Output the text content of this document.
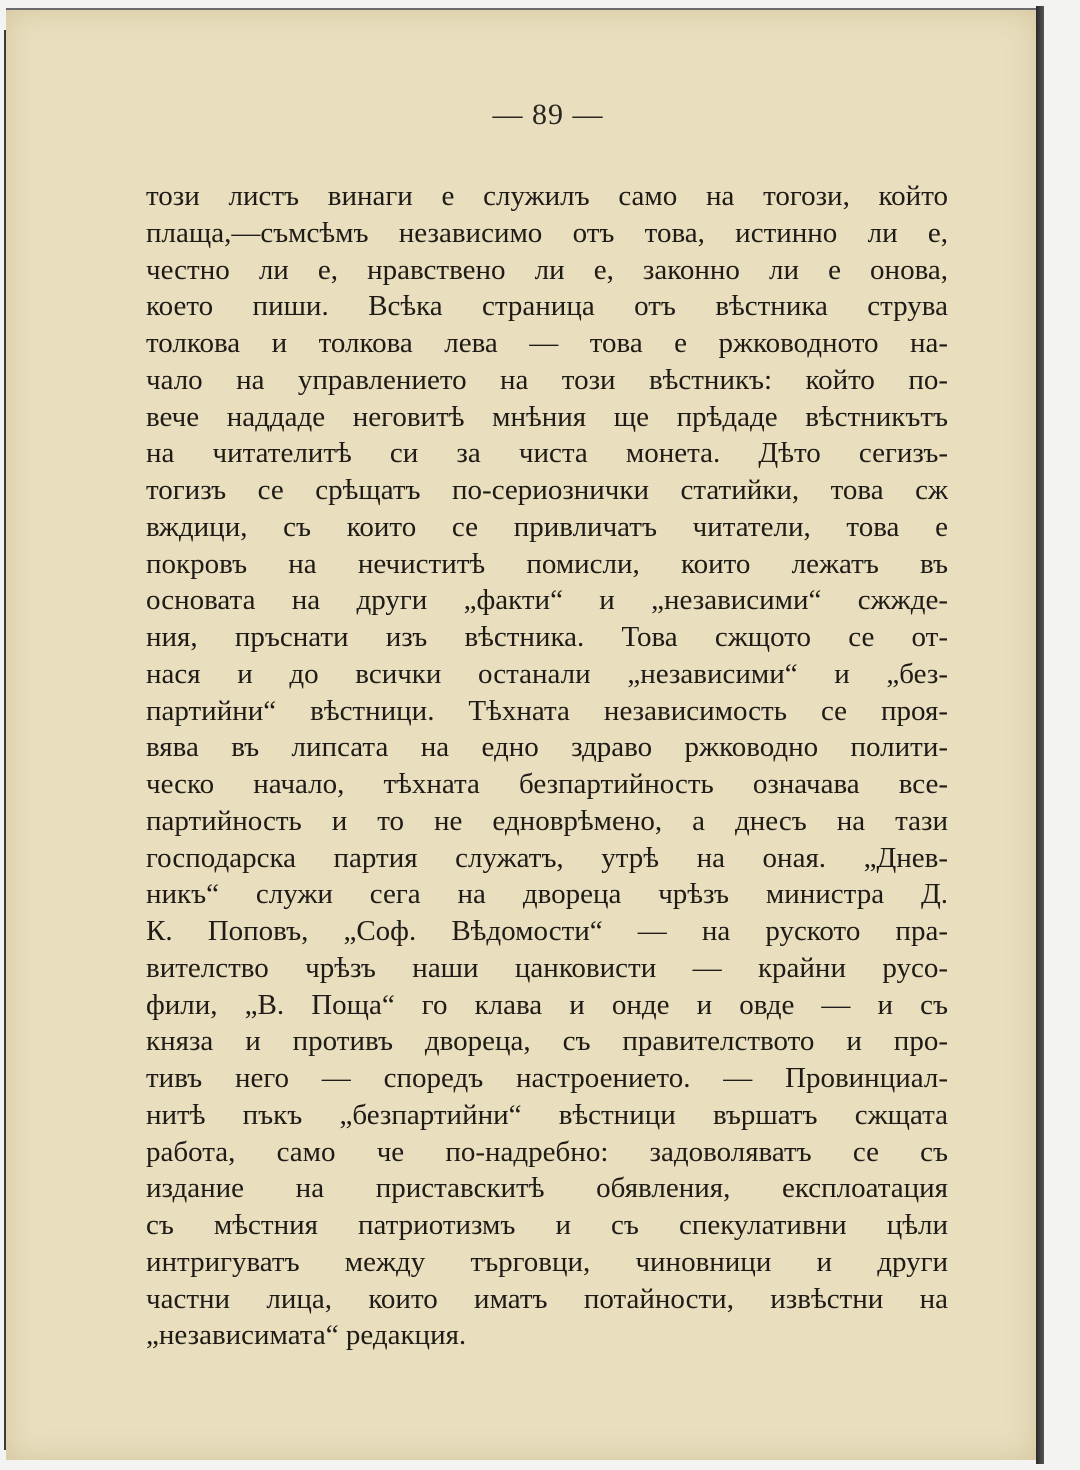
— 89 —
този листъ винаги е служилъ само на тогози, който
плаща,—съмсѣмъ независимо отъ това, истинно ли е,
честно ли е, нравствено ли е, законно ли е онова,
което пиши. Всѣка страница отъ вѣстника струва
толкова и толкова лева — това е ржководното на-
чало на управлението на този вѣстникъ: който по-
вече наддаде неговитѣ мнѣния ще прѣдаде вѣстникътъ
на читателитѣ си за чиста монета. Дѣто сегизъ-
тогизъ се срѣщатъ по-сериознички статийки, това сж
вждици, съ които се привличатъ читатели, това е
покровъ на нечиститѣ помисли, които лежатъ въ
основата на други „факти“ и „независими“ сжжде-
ния, пръснати изъ вѣстника. Това сжщото се от-
нася и до всички останали „независими“ и „без-
партийни“ вѣстници. Тѣхната независимость се проя-
вява въ липсата на едно здраво ржководно полити-
ческо начало, тѣхната безпартийность означава все-
партийность и то не едноврѣмено, а днесъ на тази
господарска партия служатъ, утрѣ на оная. „Днев-
никъ“ служи сега на двореца чрѣзъ министра Д.
К. Поповъ, „Соф. Вѣдомости“ — на руското пра-
вителство чрѣзъ наши цанковисти — крайни русо-
фили, „В. Поща“ го клава и онде и овде — и съ
княза и противъ двореца, съ правителството и про-
тивъ него — споредъ настроението. — Провинциал-
нитѣ пъкъ „безпартийни“ вѣстници вършатъ сжщата
работа, само че по-надребно: задоволяватъ се съ
издание на приставскитѣ обявления, експлоатация
съ мѣстния патриотизмъ и съ спекулативни цѣли
интригуватъ между търговци, чиновници и други
частни лица, които иматъ потайности, извѣстни на
„независимата“ редакция.
